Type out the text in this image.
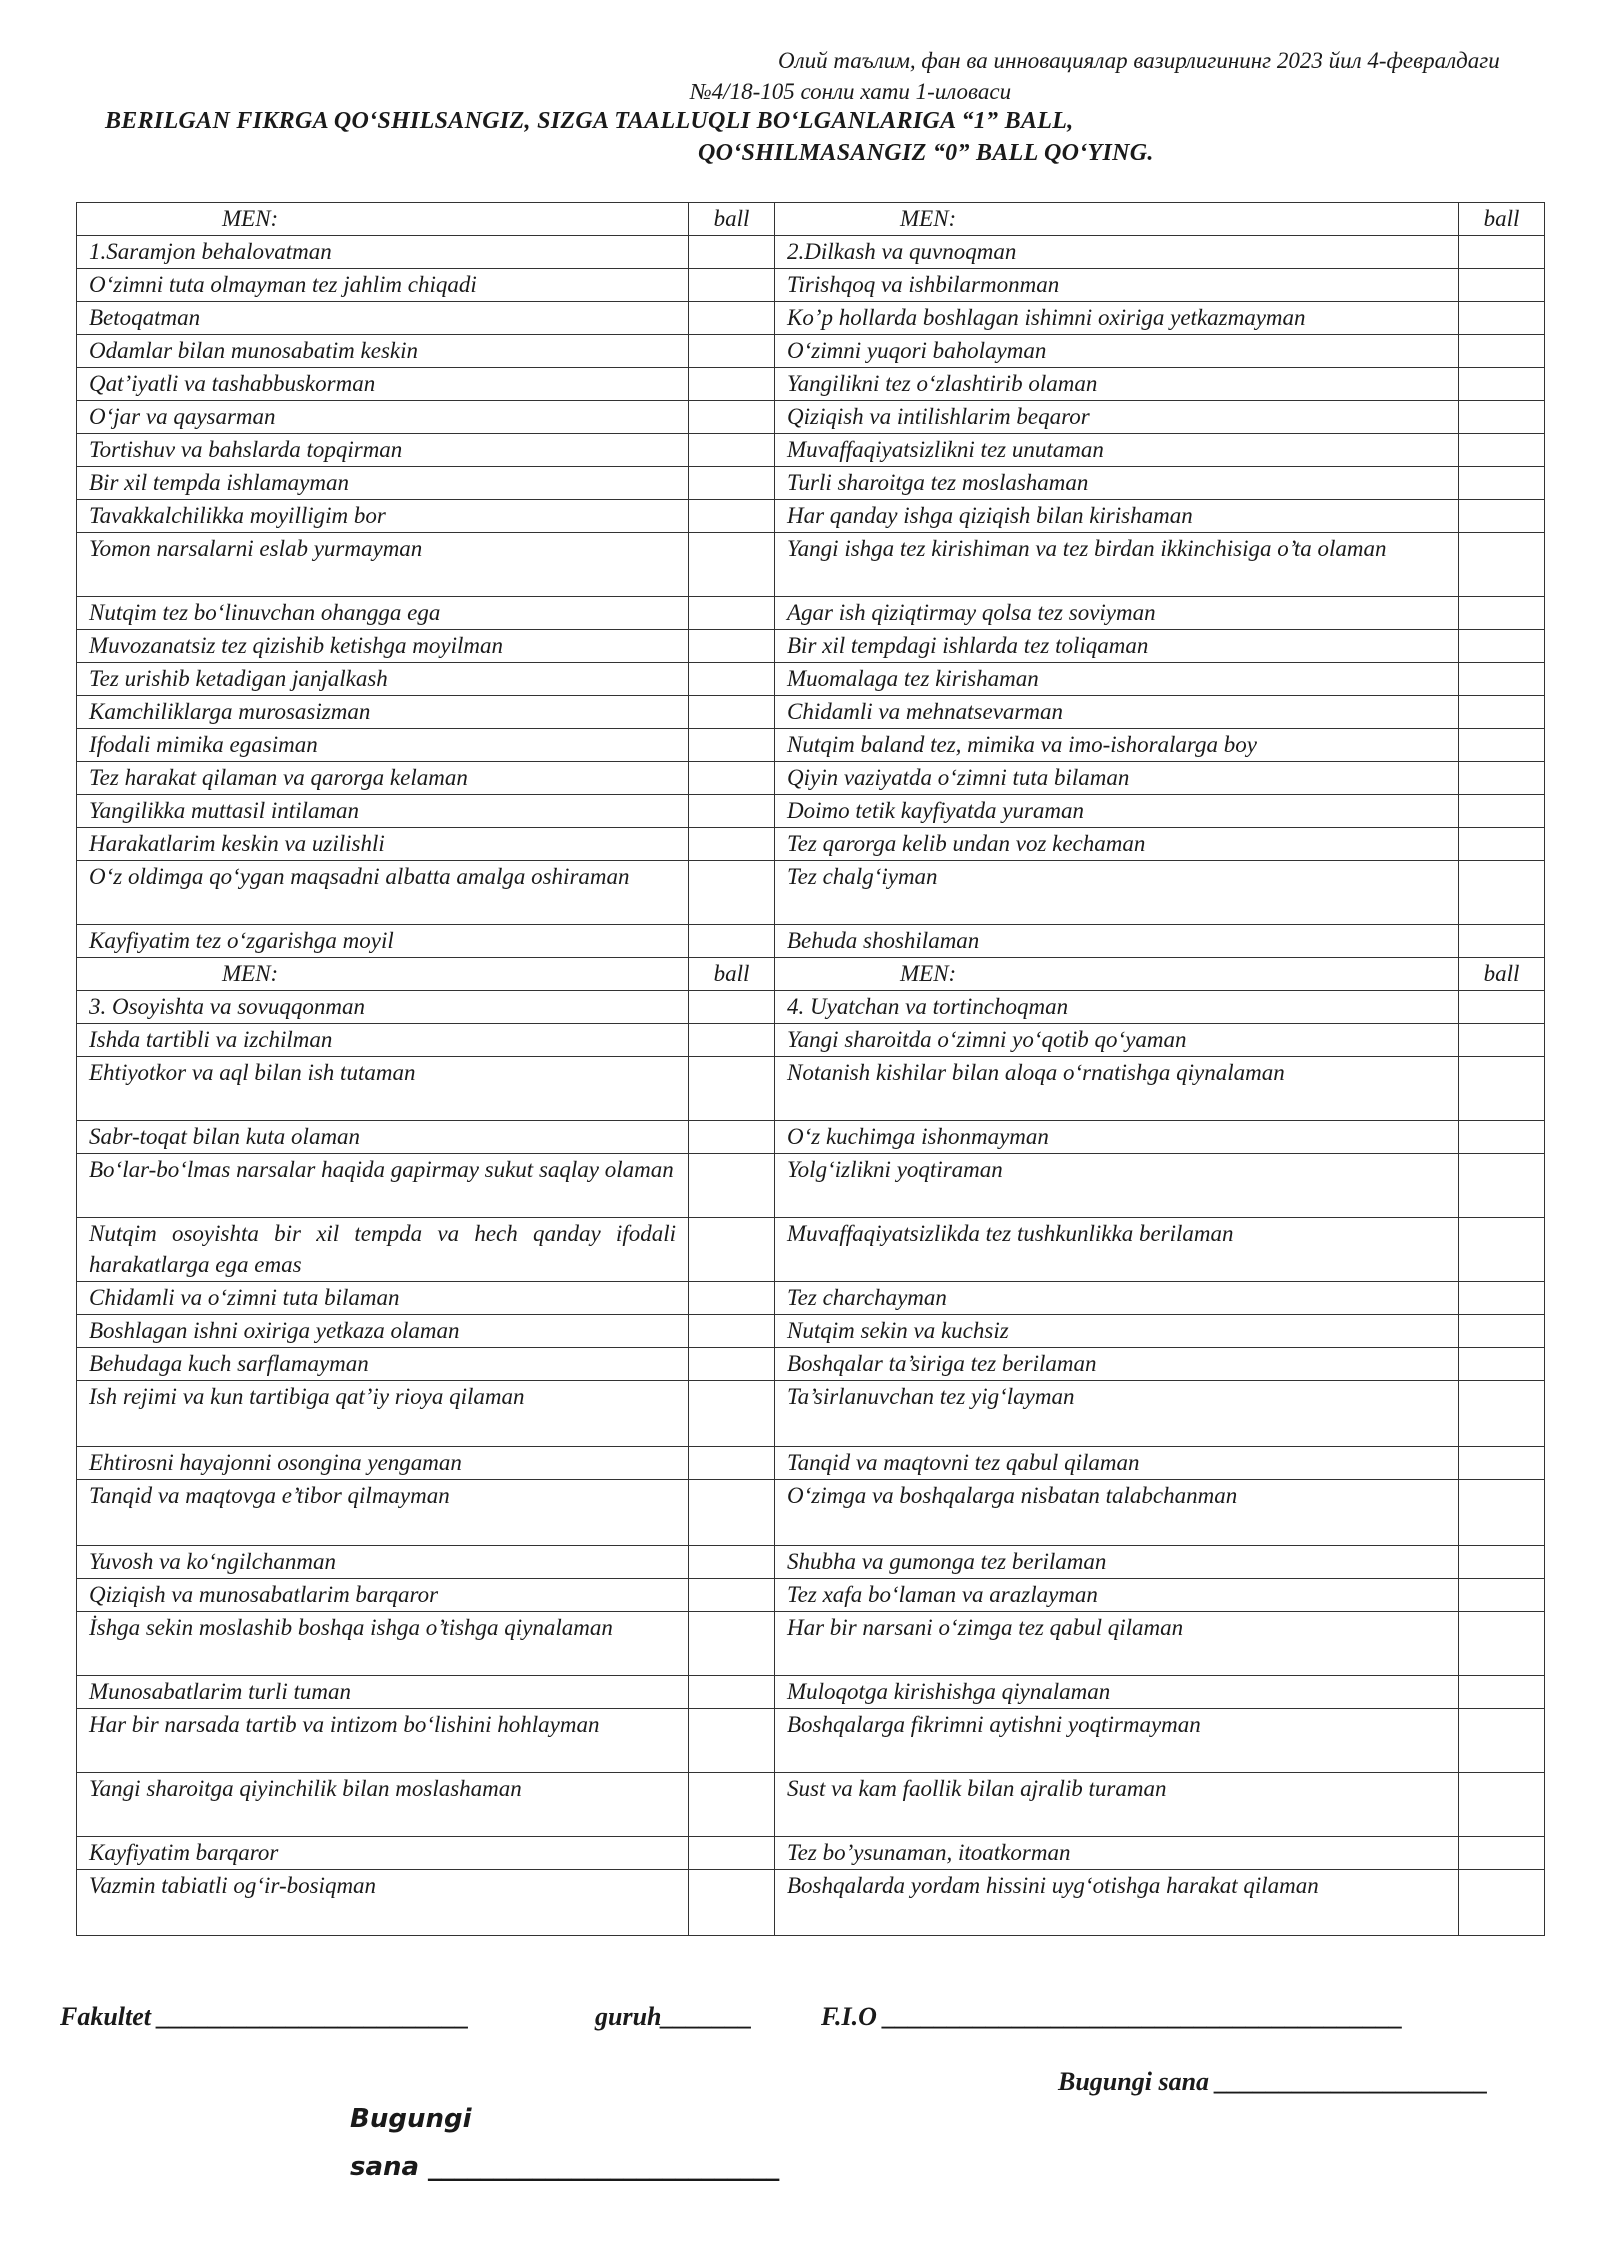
Олий таълим, фан ва инновациялар вазирлигининг 2023 йил 4-февралдаги №4/18-105 сонли хати 1-иловаси
BERILGAN FIKRGA QO‘SHILSANGIZ, SIZGA TAALLUQLI BO‘LGANLARIGA “1” BALL,
QO‘SHILMASANGIZ “0” BALL QO‘YING.
MEN:	ball	MEN:	ball
1.Saramjon behalovatman		2.Dilkash va quvnoqman	
O‘zimni tuta olmayman tez jahlim chiqadi		Tirishqoq va ishbilarmonman	
Betoqatman		Ko’p hollarda boshlagan ishimni oxiriga yetkazmayman	
Odamlar bilan munosabatim keskin		O‘zimni yuqori baholayman	
Qat’iyatli va tashabbuskorman		Yangilikni tez o‘zlashtirib olaman	
O‘jar va qaysarman		Qiziqish va intilishlarim beqaror	
Tortishuv va bahslarda topqirman		Muvaffaqiyatsizlikni tez unutaman	
Bir xil tempda ishlamayman		Turli sharoitga tez moslashaman	
Tavakkalchilikka moyilligim bor		Har qanday ishga qiziqish bilan kirishaman	
Yomon narsalarni eslab yurmayman		Yangi ishga tez kirishiman va tez birdan ikkinchisiga o’ta olaman	
Nutqim tez bo‘linuvchan ohangga ega		Agar ish qiziqtirmay qolsa tez soviyman	
Muvozanatsiz tez qizishib ketishga moyilman		Bir xil tempdagi ishlarda tez toliqaman	
Tez urishib ketadigan janjalkash		Muomalaga tez kirishaman	
Kamchiliklarga murosasizman		Chidamli va mehnatsevarman	
Ifodali mimika egasiman		Nutqim baland tez, mimika va imo-ishoralarga boy	
Tez harakat qilaman va qarorga kelaman		Qiyin vaziyatda o‘zimni tuta bilaman	
Yangilikka muttasil intilaman		Doimo tetik kayfiyatda yuraman	
Harakatlarim keskin va uzilishli		Tez qarorga kelib undan voz kechaman	
O‘z oldimga qo‘ygan maqsadni albatta amalga oshiraman		Tez chalg‘iyman	
Kayfiyatim tez o‘zgarishga moyil		Behuda shoshilaman	
MEN:	ball	MEN:	ball
3. Osoyishta va sovuqqonman		4. Uyatchan va tortinchoqman	
Ishda tartibli va izchilman		Yangi sharoitda o‘zimni yo‘qotib qo‘yaman	
Ehtiyotkor va aql bilan ish tutaman		Notanish kishilar bilan aloqa o‘rnatishga qiynalaman	
Sabr-toqat bilan kuta olaman		O‘z kuchimga ishonmayman	
Bo‘lar-bo‘lmas narsalar haqida gapirmay sukut saqlay olaman		Yolg‘izlikni yoqtiraman	
Nutqim osoyishta bir xil tempda va hech qanday ifodali harakatlarga ega emas		Muvaffaqiyatsizlikda tez tushkunlikka berilaman	
Chidamli va o‘zimni tuta bilaman		Tez charchayman	
Boshlagan ishni oxiriga yetkaza olaman		Nutqim sekin va kuchsiz	
Behudaga kuch sarflamayman		Boshqalar ta’siriga tez berilaman	
Ish rejimi va kun tartibiga qat’iy rioya qilaman		Ta’sirlanuvchan tez yig‘layman	
Ehtirosni hayajonni osongina yengaman		Tanqid va maqtovni tez qabul qilaman	
Tanqid va maqtovga e’tibor qilmayman		O‘zimga va boshqalarga nisbatan talabchanman	
Yuvosh va ko‘ngilchanman		Shubha va gumonga tez berilaman	
Qiziqish va munosabatlarim barqaror		Tez xafa bo‘laman va arazlayman	
İshga sekin moslashib boshqa ishga o’tishga qiynalaman		Har bir narsani o‘zimga tez qabul qilaman	
Munosabatlarim turli tuman		Muloqotga kirishishga qiynalaman	
Har bir narsada tartib va intizom bo‘lishini hohlayman		Boshqalarga fikrimni aytishni yoqtirmayman	
Yangi sharoitga qiyinchilik bilan moslashaman		Sust va kam faollik bilan ajralib turaman	
Kayfiyatim barqaror		Tez bo’ysunaman, itoatkorman	
Vazmin tabiatli og‘ir-bosiqman		Boshqalarda yordam hissini uyg‘otishga harakat qilaman	
Fakultet ________________________	guruh_______	F.I.O ________________________________________
Bugungi sana _____________________
Bugungi
sana ___________________________
